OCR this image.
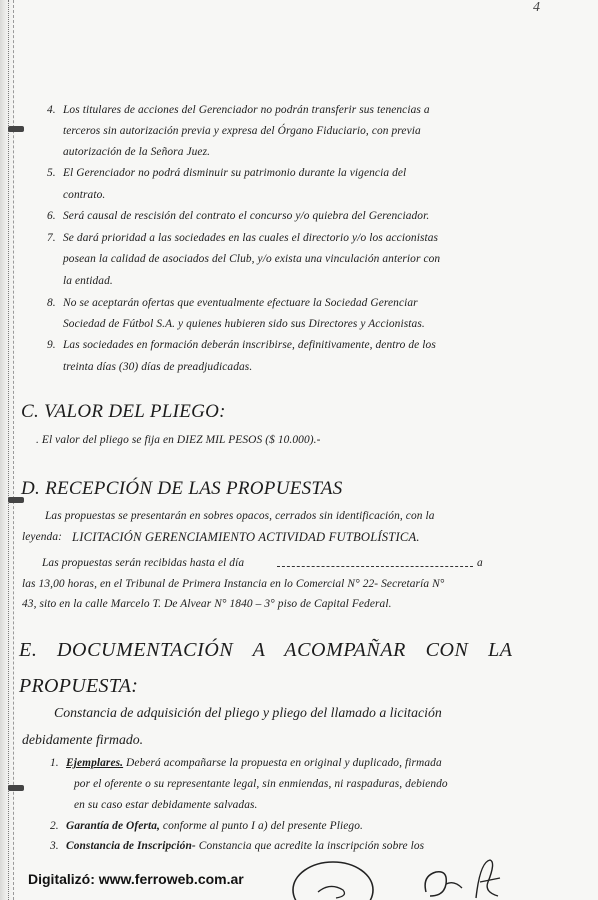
4
4. Los titulares de acciones del Gerenciador no podrán transferir sus tenencias a
terceros sin autorización previa y expresa del Órgano Fiduciario, con previa
autorización de la Señora Juez.
5. El Gerenciador no podrá disminuir su patrimonio durante la vigencia del
contrato.
6. Será causal de rescisión del contrato el concurso y/o quiebra del Gerenciador.
7. Se dará prioridad a las sociedades en las cuales el directorio y/o los accionistas
posean la calidad de asociados del Club, y/o exista una vinculación anterior con
la entidad.
8. No se aceptarán ofertas que eventualmente efectuare la Sociedad Gerenciar
Sociedad de Fútbol S.A. y quienes hubieren sido sus Directores y Accionistas.
9. Las sociedades en formación deberán inscribirse, definitivamente, dentro de los
treinta días (30) días de preadjudicadas.
C. VALOR DEL PLIEGO:
. El valor del pliego se fija en DIEZ MIL PESOS ($ 10.000).-
D. RECEPCIÓN DE LAS PROPUESTAS
Las propuestas se presentarán en sobres opacos, cerrados sin identificación, con la
leyenda: LICITACIÓN GERENCIAMIENTO ACTIVIDAD FUTBOLÍSTICA.
Las propuestas serán recibidas hasta el día	a
las 13,00 horas, en el Tribunal de Primera Instancia en lo Comercial N° 22- Secretaría N°
43, sito en la calle Marcelo T. De Alvear N° 1840 – 3° piso de Capital Federal.
E. DOCUMENTACIÓN A ACOMPAÑAR CON LA
PROPUESTA:
Constancia de adquisición del pliego y pliego del llamado a licitación
debidamente firmado.
1. Ejemplares. Deberá acompañarse la propuesta en original y duplicado, firmada
por el oferente o su representante legal, sin enmiendas, ni raspaduras, debiendo
en su caso estar debidamente salvadas.
2. Garantía de Oferta, conforme al punto I a) del presente Pliego.
3. Constancia de Inscripción- Constancia que acredite la inscripción sobre los
Digitalizó: www.ferroweb.com.ar
